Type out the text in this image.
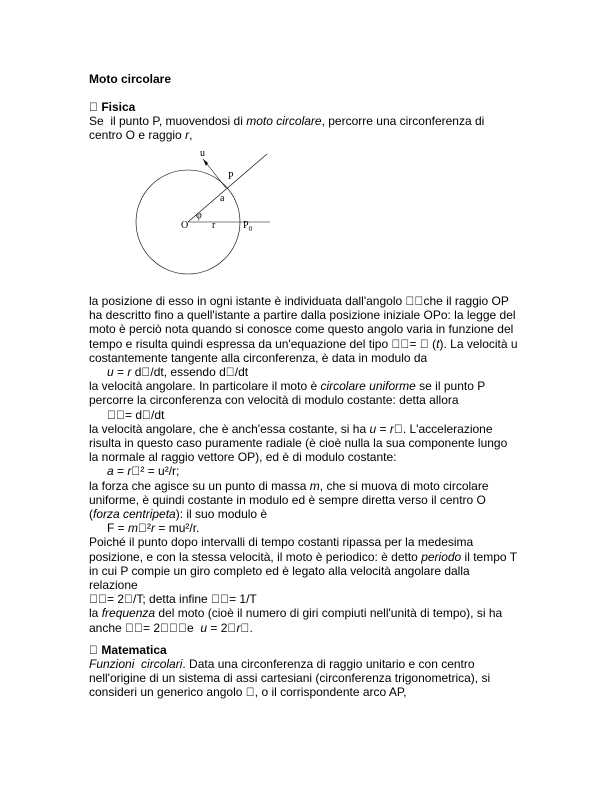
Moto circolare
Fisica
Se  il punto P, muovendosi di moto circolare, percorre una circonferenza di
centro O e raggio r,
u
P
a
φ
O r	$P_0$
la posizione di esso in ogni istante è individuata dall'angolo   che il raggio OP
ha descritto fino a quell'istante a partire dalla posizione iniziale OPo: la legge del
moto è perciò nota quando si conosce come questo angolo varia in funzione del
tempo e risulta quindi espressa da un'equazione del tipo   =   (t). La velocità u
costantemente tangente alla circonferenza, è data in modulo da
u = r d /dt, essendo d /dt
la velocità angolare. In particolare il moto è circolare uniforme se il punto P
percorre la circonferenza con velocità di modulo costante: detta allora
= d /dt
la velocità angolare, che è anch'essa costante, si ha u = r . L'accelerazione
risulta in questo caso puramente radiale (è cioè nulla la sua componente lungo
la normale al raggio vettore OP), ed è di modulo costante:
a = r ² = u²/r;
la forza che agisce su un punto di massa m, che si muova di moto circolare
uniforme, è quindi costante in modulo ed è sempre diretta verso il centro O
(forza centripeta): il suo modulo è
F = m ²r = mu²/r.
Poiché il punto dopo intervalli di tempo costanti ripassa per la medesima
posizione, e con la stessa velocità, il moto è periodico: è detto periodo il tempo T
in cui P compie un giro completo ed è legato alla velocità angolare dalla
relazione
= 2 /T; detta infine   = 1/T
la frequenza del moto (cioè il numero di giri compiuti nell'unità di tempo), si ha
anche   = 2   e  u = 2 r .
Matematica
Funzioni  circolari. Data una circonferenza di raggio unitario e con centro
nell'origine di un sistema di assi cartesiani (circonferenza trigonometrica), si
consideri un generico angolo  , o il corrispondente arco AP,
